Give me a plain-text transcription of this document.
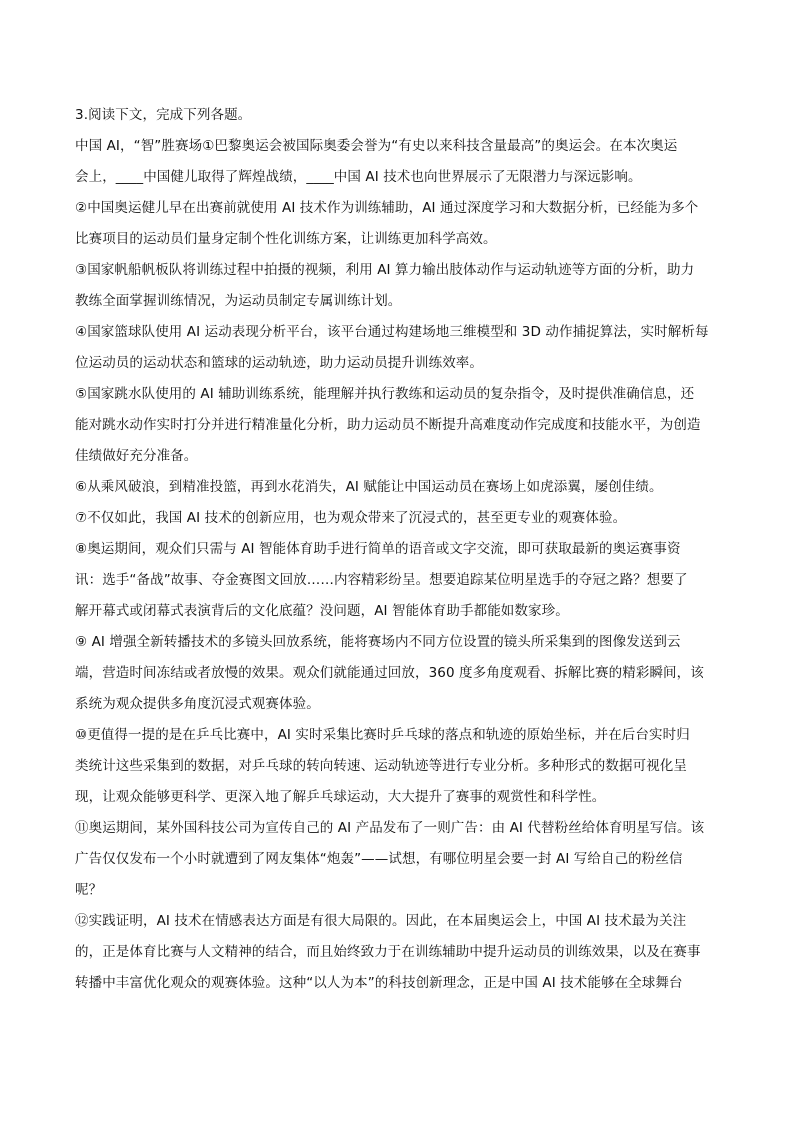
3.阅读下文，完成下列各题。
中国 AI，“智”胜赛场①巴黎奥运会被国际奥委会誉为“有史以来科技含量最高”的奥运会。在本次奥运
会上，____中国健儿取得了辉煌战绩，____中国 AI 技术也向世界展示了无限潜力与深远影响。
②中国奥运健儿早在出赛前就使用 AI 技术作为训练辅助，AI 通过深度学习和大数据分析，已经能为多个
比赛项目的运动员们量身定制个性化训练方案，让训练更加科学高效。
③国家帆船帆板队将训练过程中拍摄的视频，利用 AI 算力输出肢体动作与运动轨迹等方面的分析，助力
教练全面掌握训练情况，为运动员制定专属训练计划。
④国家篮球队使用 AI 运动表现分析平台，该平台通过构建场地三维模型和 3D 动作捕捉算法，实时解析每
位运动员的运动状态和篮球的运动轨迹，助力运动员提升训练效率。
⑤国家跳水队使用的 AI 辅助训练系统，能理解并执行教练和运动员的复杂指令，及时提供准确信息，还
能对跳水动作实时打分并进行精准量化分析，助力运动员不断提升高难度动作完成度和技能水平，为创造
佳绩做好充分准备。
⑥从乘风破浪，到精准投篮，再到水花消失，AI 赋能让中国运动员在赛场上如虎添翼，屡创佳绩。
⑦不仅如此，我国 AI 技术的创新应用，也为观众带来了沉浸式的，甚至更专业的观赛体验。
⑧奥运期间，观众们只需与 AI 智能体育助手进行简单的语音或文字交流，即可获取最新的奥运赛事资
讯：选手“备战”故事、夺金赛图文回放……内容精彩纷呈。想要追踪某位明星选手的夺冠之路？想要了
解开幕式或闭幕式表演背后的文化底蕴？没问题，AI 智能体育助手都能如数家珍。
⑨ AI 增强全新转播技术的多镜头回放系统，能将赛场内不同方位设置的镜头所采集到的图像发送到云
端，营造时间冻结或者放慢的效果。观众们就能通过回放，360 度多角度观看、拆解比赛的精彩瞬间，该
系统为观众提供多角度沉浸式观赛体验。
⑩更值得一提的是在乒乓比赛中，AI 实时采集比赛时乒乓球的落点和轨迹的原始坐标，并在后台实时归
类统计这些采集到的数据，对乒乓球的转向转速、运动轨迹等进行专业分析。多种形式的数据可视化呈
现，让观众能够更科学、更深入地了解乒乓球运动，大大提升了赛事的观赏性和科学性。
⑪奥运期间，某外国科技公司为宣传自己的 AI 产品发布了一则广告：由 AI 代替粉丝给体育明星写信。该
广告仅仅发布一个小时就遭到了网友集体“炮轰”——试想，有哪位明星会要一封 AI 写给自己的粉丝信
呢？
⑫实践证明，AI 技术在情感表达方面是有很大局限的。因此，在本届奥运会上，中国 AI 技术最为关注
的，正是体育比赛与人文精神的结合，而且始终致力于在训练辅助中提升运动员的训练效果，以及在赛事
转播中丰富优化观众的观赛体验。这种“以人为本”的科技创新理念，正是中国 AI 技术能够在全球舞台
